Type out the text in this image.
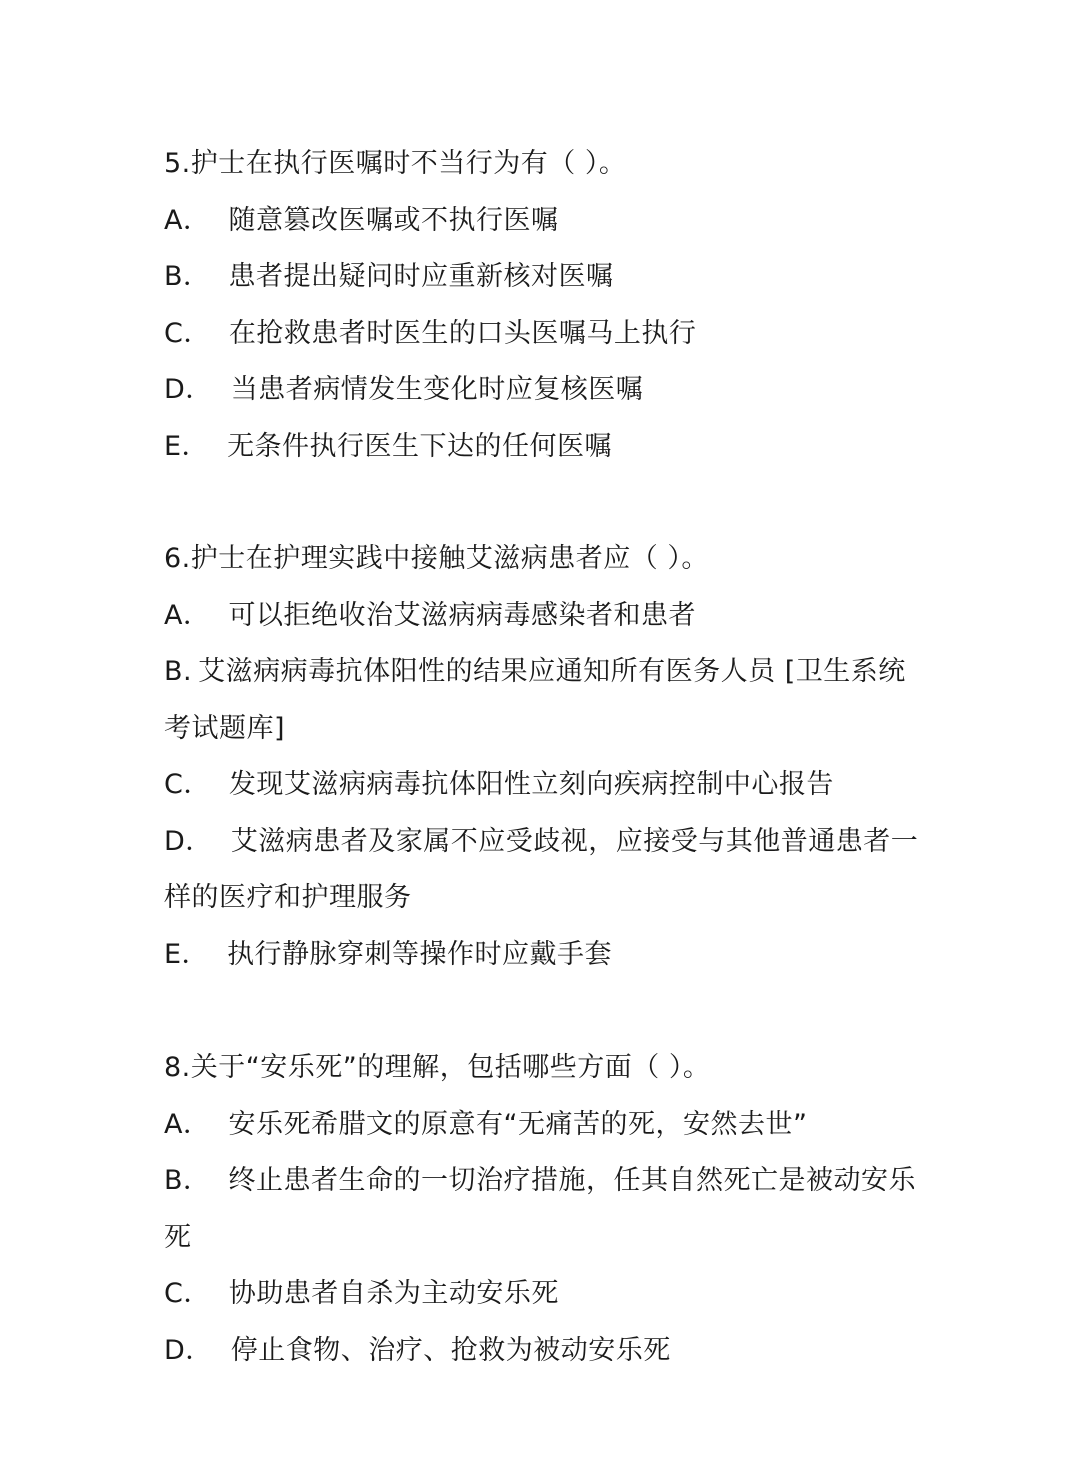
5.护士在执行医嘱时不当行为有（ ）。
A． 随意篡改医嘱或不执行医嘱
B． 患者提出疑问时应重新核对医嘱
C． 在抢救患者时医生的口头医嘱马上执行
D． 当患者病情发生变化时应复核医嘱
E． 无条件执行医生下达的任何医嘱
6.护士在护理实践中接触艾滋病患者应（ ）。
A． 可以拒绝收治艾滋病病毒感染者和患者
B. 艾滋病病毒抗体阳性的结果应通知所有医务人员 [卫生系统考试题库]
C． 发现艾滋病病毒抗体阳性立刻向疾病控制中心报告
D． 艾滋病患者及家属不应受歧视，应接受与其他普通患者一样的医疗和护理服务
E． 执行静脉穿刺等操作时应戴手套
8.关于“安乐死”的理解，包括哪些方面（ ）。
A． 安乐死希腊文的原意有“无痛苦的死，安然去世”
B． 终止患者生命的一切治疗措施，任其自然死亡是被动安乐死
C． 协助患者自杀为主动安乐死
D． 停止食物、治疗、抢救为被动安乐死
